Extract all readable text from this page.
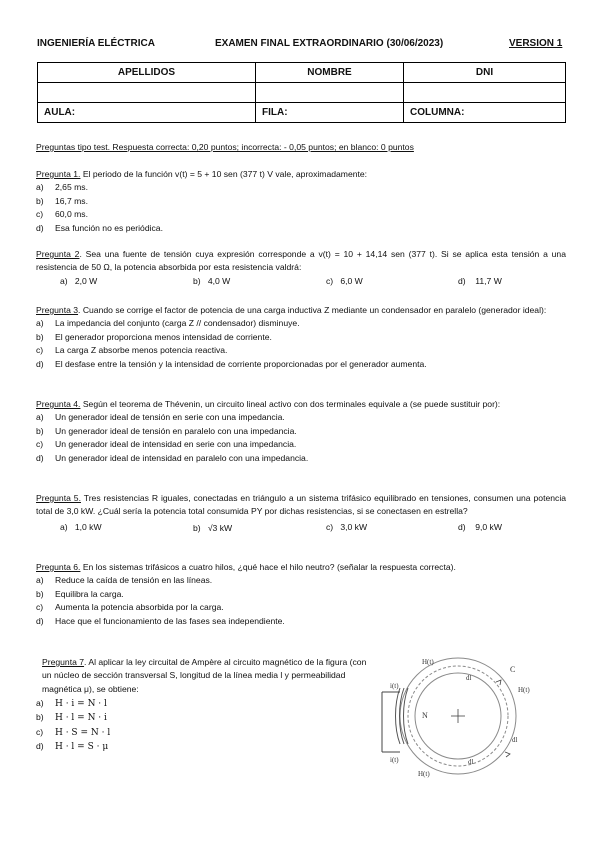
INGENIERÍA ELÉCTRICA	EXAMEN FINAL EXTRAORDINARIO (30/06/2023)	VERSION 1
APELLIDOS	NOMBRE	DNI

AULA:	FILA:	COLUMNA:
Preguntas tipo test. Respuesta correcta: 0,20 puntos; incorrecta: - 0,05 puntos; en blanco: 0 puntos
Pregunta 1. El periodo de la función v(t) = 5 + 10 sen (377 t) V vale, aproximadamente:
a) 2,65 ms.
b) 16,7 ms.
c) 60,0 ms.
d) Esa función no es periódica.
Pregunta 2. Sea una fuente de tensión cuya expresión corresponde a v(t) = 10 + 14,14 sen (377 t). Si se aplica esta tensión a una resistencia de 50 Ω, la potencia absorbida por esta resistencia valdrá:
a) 2,0 W	b) 4,0 W	c) 6,0 W	d) 11,7 W
Pregunta 3. Cuando se corrige el factor de potencia de una carga inductiva Z mediante un condensador en paralelo (generador ideal):
a) La impedancia del conjunto (carga Z // condensador) disminuye.
b) El generador proporciona menos intensidad de corriente.
c) La carga Z absorbe menos potencia reactiva.
d) El desfase entre la tensión y la intensidad de corriente proporcionadas por el generador aumenta.
Pregunta 4. Según el teorema de Thévenin, un circuito lineal activo con dos terminales equivale a (se puede sustituir por):
a) Un generador ideal de tensión en serie con una impedancia.
b) Un generador ideal de tensión en paralelo con una impedancia.
c) Un generador ideal de intensidad en serie con una impedancia.
d) Un generador ideal de intensidad en paralelo con una impedancia.
Pregunta 5. Tres resistencias R iguales, conectadas en triángulo a un sistema trifásico equilibrado en tensiones, consumen una potencia total de 3,0 kW. ¿Cuál sería la potencia total consumida PY por dichas resistencias, si se conectasen en estrella?
a) 1,0 kW	b) √3 kW	c) 3,0 kW	d) 9,0 kW
Pregunta 6. En los sistemas trifásicos a cuatro hilos, ¿qué hace el hilo neutro? (señalar la respuesta correcta).
a) Reduce la caída de tensión en las líneas.
b) Equilibra la carga.
c) Aumenta la potencia absorbida por la carga.
d) Hace que el funcionamiento de las fases sea independiente.
Pregunta 7. Al aplicar la ley circuital de Ampère al circuito magnético de la figura (con un núcleo de sección transversal S, longitud de la línea media l y permeabilidad magnética μ), se obtiene:
a) H · i = N · l
b) H · l = N · i
c) H · S = N · l
d) H · l = S · μ
i(t)
i(t)
N
C
H(t)
H(t)
H(t)
dl
dl
dl
